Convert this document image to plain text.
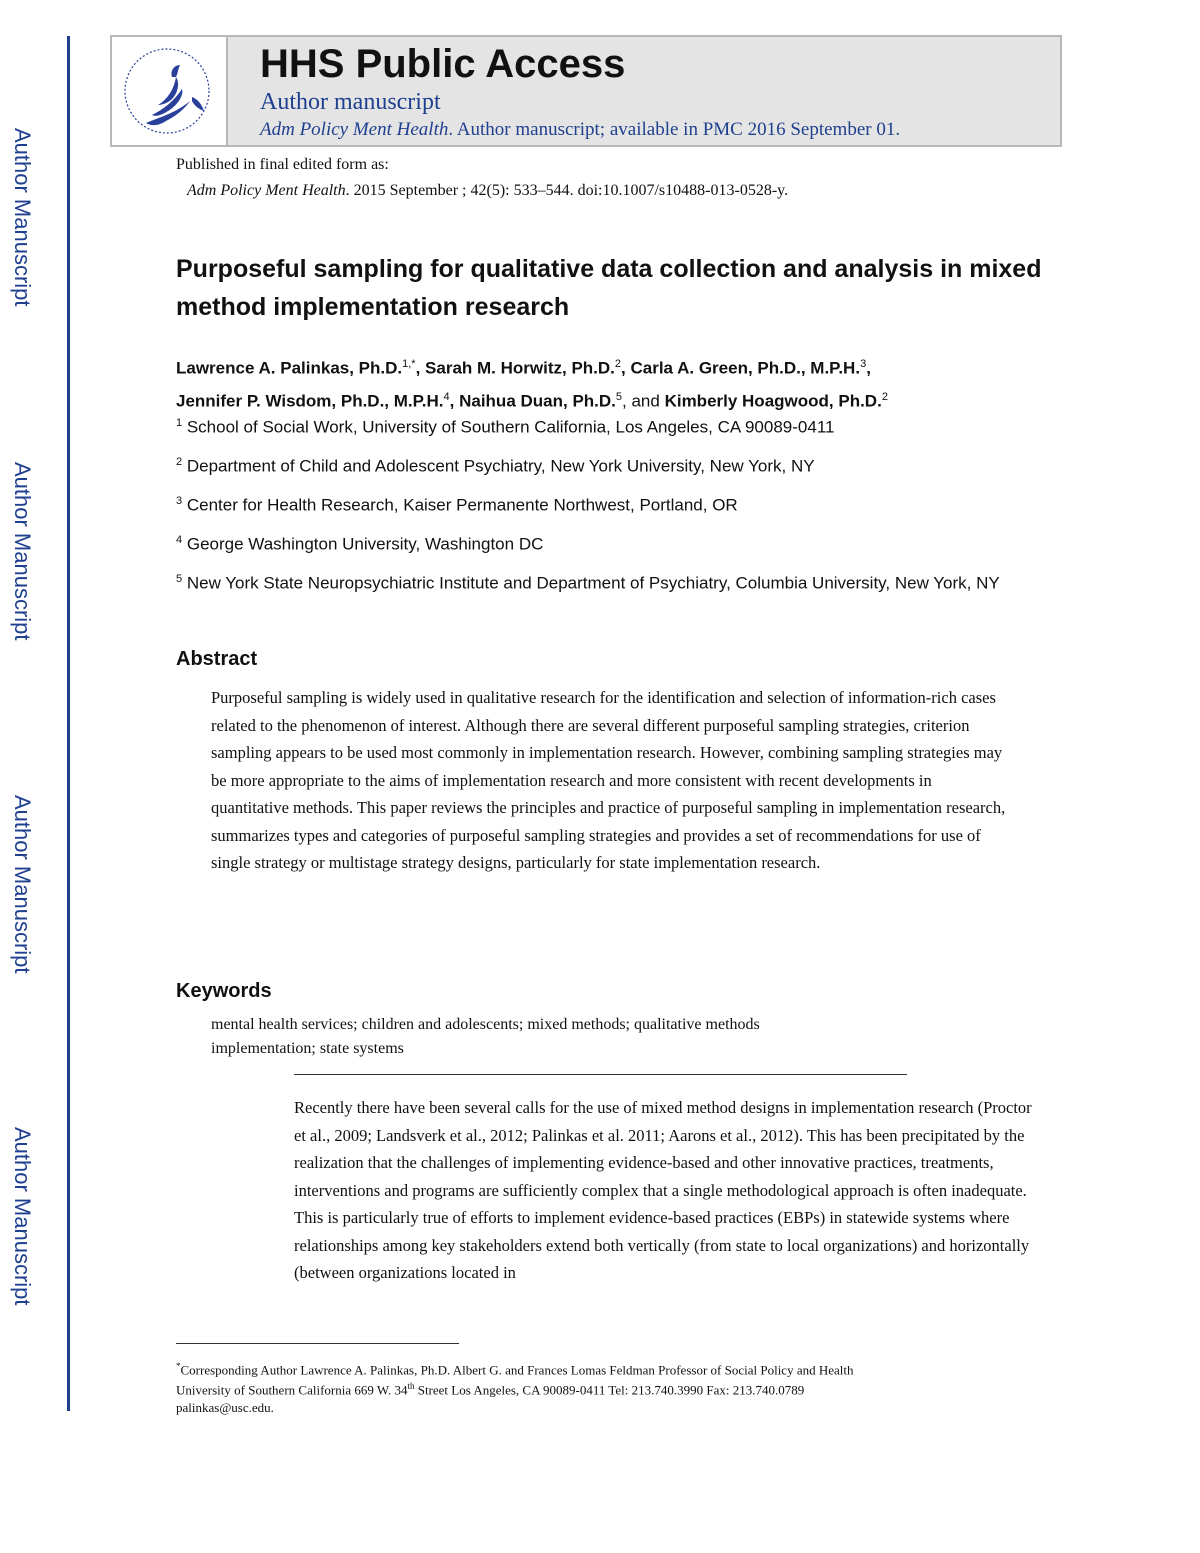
Author Manuscript
Author Manuscript
Author Manuscript
Author Manuscript
HHS Public Access
Author manuscript
Adm Policy Ment Health. Author manuscript; available in PMC 2016 September 01.
Published in final edited form as:
Adm Policy Ment Health. 2015 September ; 42(5): 533–544. doi:10.1007/s10488-013-0528-y.
Purposeful sampling for qualitative data collection and analysis in mixed method implementation research
Lawrence A. Palinkas, Ph.D.$^{1,*}$, Sarah M. Horwitz, Ph.D.$^2$, Carla A. Green, Ph.D., M.P.H.$^3$,
Jennifer P. Wisdom, Ph.D., M.P.H.$^4$, Naihua Duan, Ph.D.$^5$, and Kimberly Hoagwood, Ph.D.$^2$
$^1$ School of Social Work, University of Southern California, Los Angeles, CA 90089-0411
$^2$ Department of Child and Adolescent Psychiatry, New York University, New York, NY
$^3$ Center for Health Research, Kaiser Permanente Northwest, Portland, OR
$^4$ George Washington University, Washington DC
$^5$ New York State Neuropsychiatric Institute and Department of Psychiatry, Columbia University, New York, NY
Abstract
Purposeful sampling is widely used in qualitative research for the identification and selection of information-rich cases related to the phenomenon of interest. Although there are several different purposeful sampling strategies, criterion sampling appears to be used most commonly in implementation research. However, combining sampling strategies may be more appropriate to the aims of implementation research and more consistent with recent developments in quantitative methods. This paper reviews the principles and practice of purposeful sampling in implementation research, summarizes types and categories of purposeful sampling strategies and provides a set of recommendations for use of single strategy or multistage strategy designs, particularly for state implementation research.
Keywords
mental health services; children and adolescents; mixed methods; qualitative methods
implementation; state systems
Recently there have been several calls for the use of mixed method designs in implementation research (Proctor et al., 2009; Landsverk et al., 2012; Palinkas et al. 2011; Aarons et al., 2012). This has been precipitated by the realization that the challenges of implementing evidence-based and other innovative practices, treatments, interventions and programs are sufficiently complex that a single methodological approach is often inadequate. This is particularly true of efforts to implement evidence-based practices (EBPs) in statewide systems where relationships among key stakeholders extend both vertically (from state to local organizations) and horizontally (between organizations located in
*Corresponding Author Lawrence A. Palinkas, Ph.D. Albert G. and Frances Lomas Feldman Professor of Social Policy and Health
University of Southern California 669 W. 34th Street Los Angeles, CA 90089-0411 Tel: 213.740.3990 Fax: 213.740.0789
palinkas@usc.edu.
